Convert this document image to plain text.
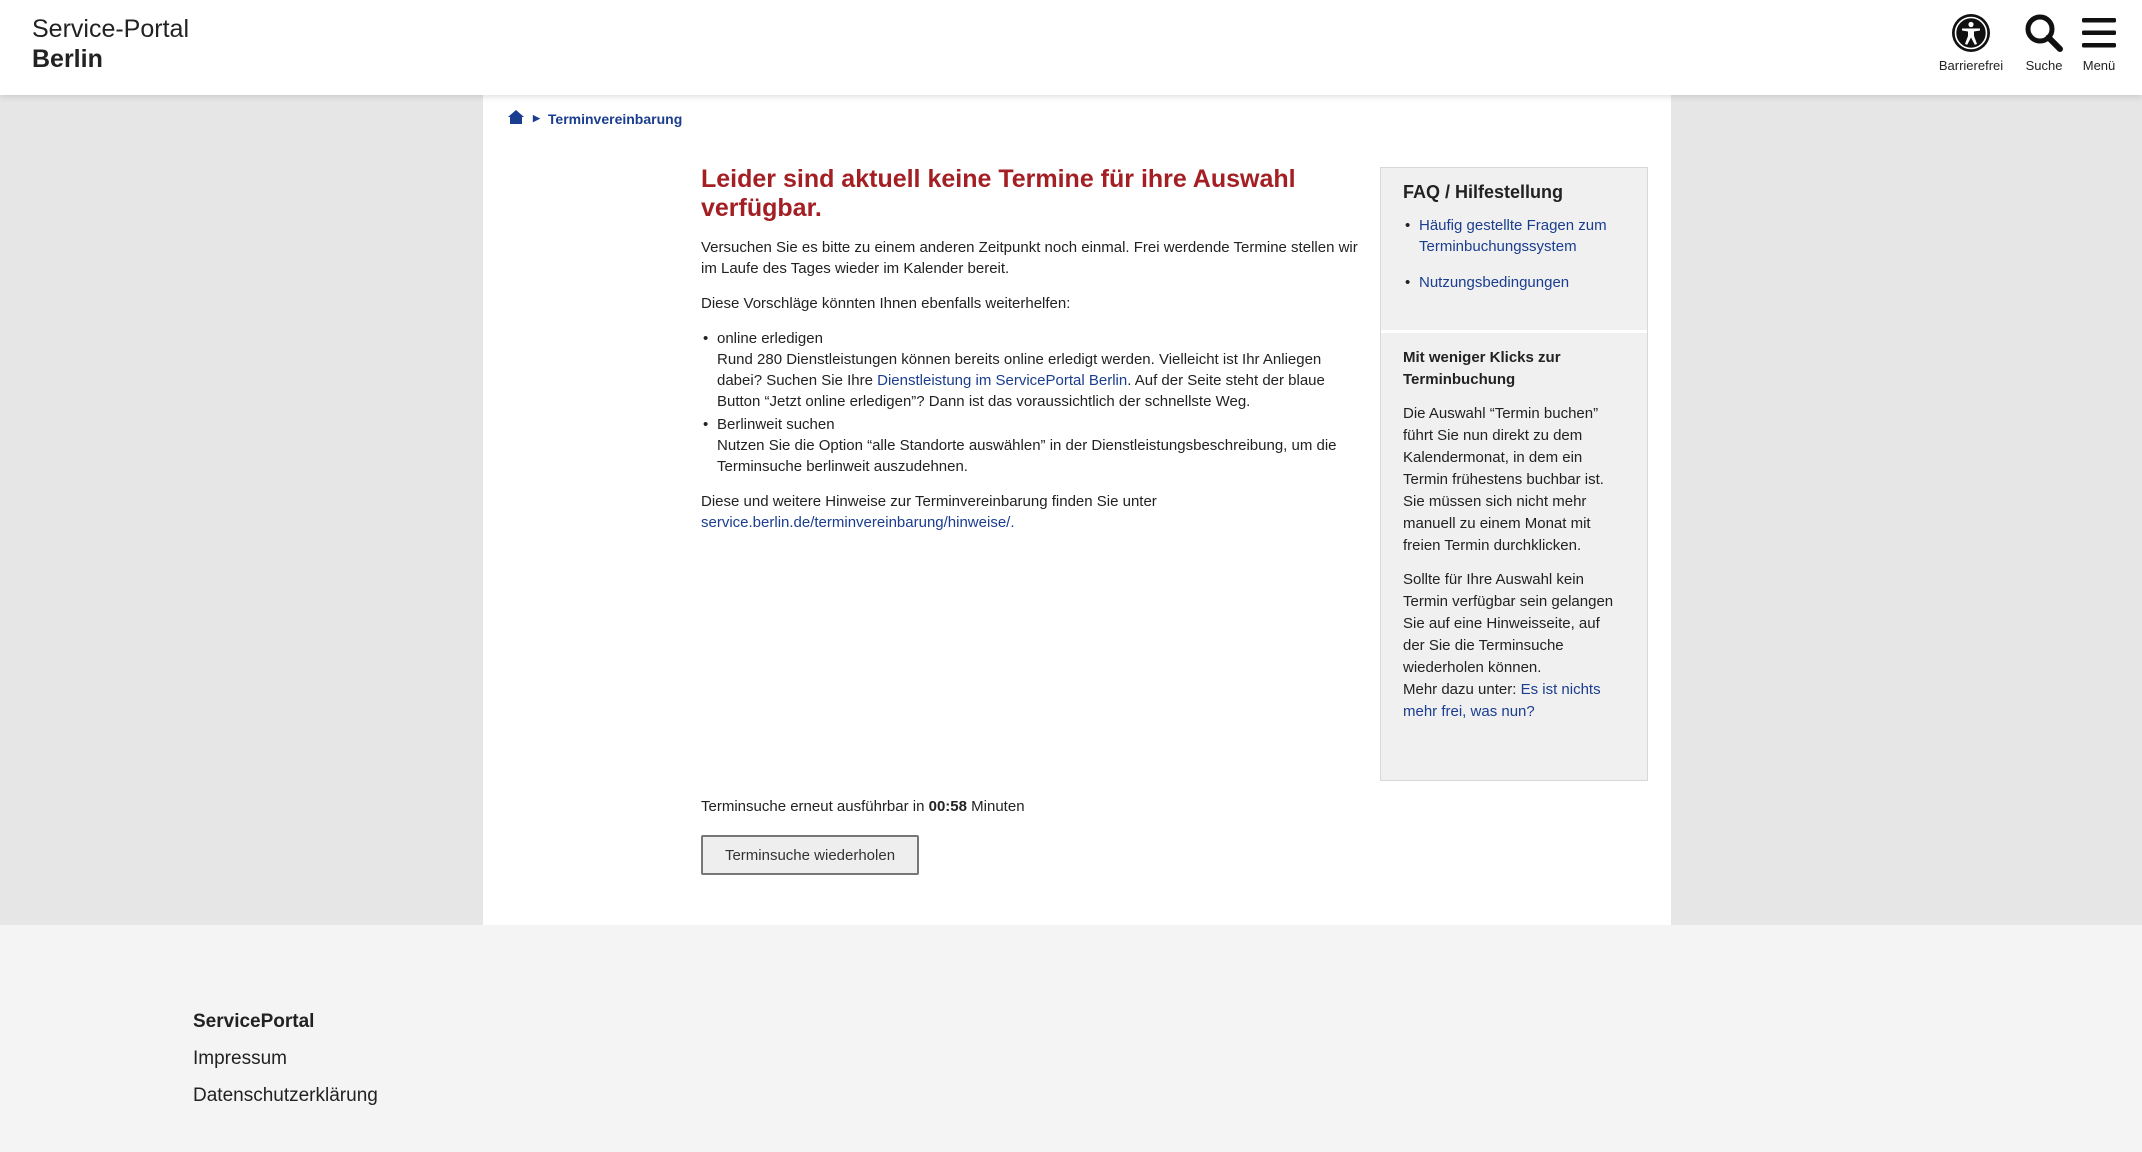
Service-Portal
Berlin	Barrierefrei	Suche	Menü
▶ Terminvereinbarung
Leider sind aktuell keine Termine für ihre Auswahl verfügbar.

Versuchen Sie es bitte zu einem anderen Zeitpunkt noch einmal. Frei werdende Termine stellen wir im Laufe des Tages wieder im Kalender bereit.

Diese Vorschläge könnten Ihnen ebenfalls weiterhelfen:

• online erledigen
Rund 280 Dienstleistungen können bereits online erledigt werden. Vielleicht ist Ihr Anliegen dabei? Suchen Sie Ihre Dienstleistung im ServicePortal Berlin. Auf der Seite steht der blaue Button “Jetzt online erledigen”? Dann ist das voraussichtlich der schnellste Weg.
• Berlinweit suchen
Nutzen Sie die Option “alle Standorte auswählen” in der Dienstleistungsbeschreibung, um die Terminsuche berlinweit auszudehnen.

Diese und weitere Hinweise zur Terminvereinbarung finden Sie unter
service.berlin.de/terminvereinbarung/hinweise/.

FAQ / Hilfestellung
• Häufig gestellte Fragen zum Terminbuchungssystem
• Nutzungsbedingungen
Mit weniger Klicks zur Terminbuchung

Die Auswahl “Termin buchen” führt Sie nun direkt zu dem Kalendermonat, in dem ein Termin frühestens buchbar ist. Sie müssen sich nicht mehr manuell zu einem Monat mit freien Termin durchklicken.

Sollte für Ihre Auswahl kein Termin verfügbar sein gelangen Sie auf eine Hinweisseite, auf der Sie die Terminsuche wiederholen können.
Mehr dazu unter: Es ist nichts mehr frei, was nun?

Terminsuche erneut ausführbar in 00:58 Minuten
Terminsuche wiederholen
ServicePortal
Impressum
Datenschutzerklärung
